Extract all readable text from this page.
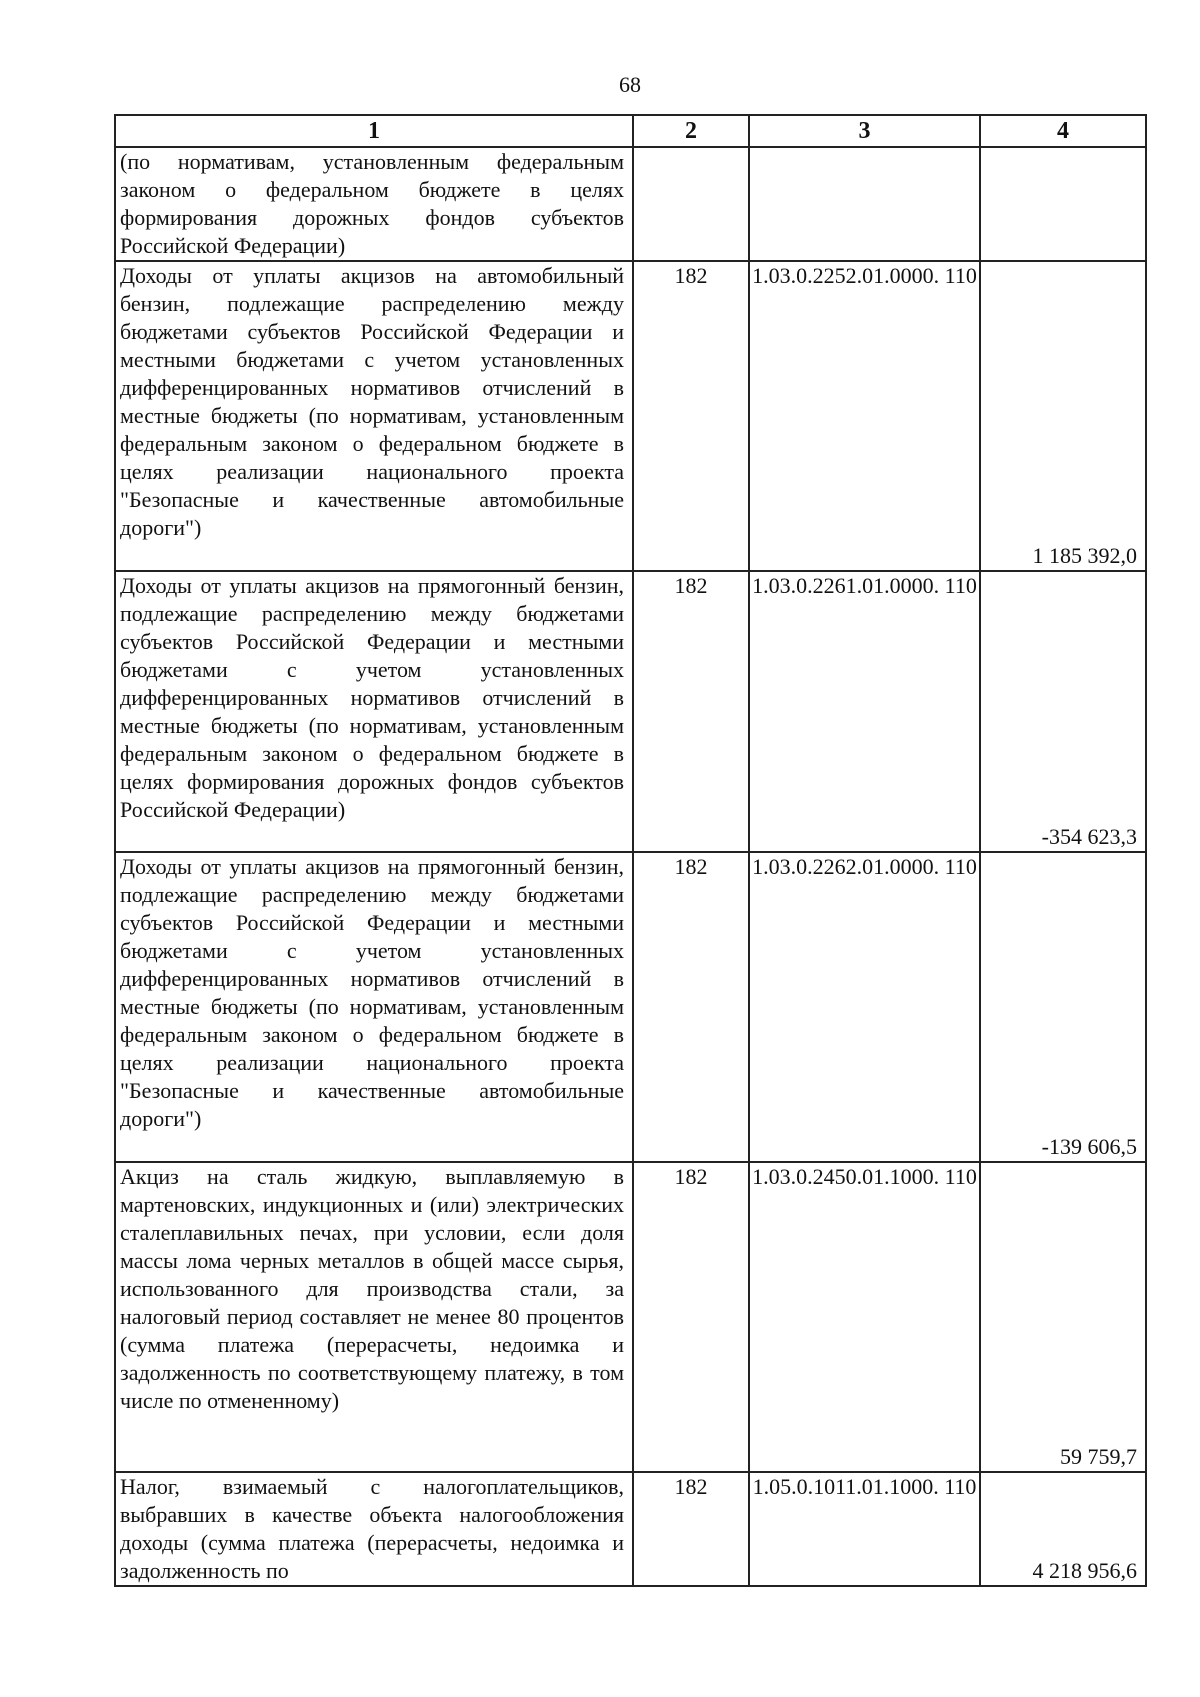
68
1	2	3	4
(по нормативам, установленным федеральным законом о федеральном бюджете в целях формирования дорожных фондов субъектов Российской Федерации)			
Доходы от уплаты акцизов на автомобильный бензин, подлежащие распределению между бюджетами субъектов Российской Федерации и местными бюджетами с учетом установленных дифференцированных нормативов отчислений в местные бюджеты (по нормативам, установленным федеральным законом о федеральном бюджете в целях реализации национального проекта "Безопасные и качественные автомобильные дороги")	182	1.03.0.2252.01.0000. 110	1 185 392,0
Доходы от уплаты акцизов на прямогонный бензин, подлежащие распределению между бюджетами субъектов Российской Федерации и местными бюджетами с учетом установленных дифференцированных нормативов отчислений в местные бюджеты (по нормативам, установленным федеральным законом о федеральном бюджете в целях формирования дорожных фондов субъектов Российской Федерации)	182	1.03.0.2261.01.0000. 110	-354 623,3
Доходы от уплаты акцизов на прямогонный бензин, подлежащие распределению между бюджетами субъектов Российской Федерации и местными бюджетами с учетом установленных дифференцированных нормативов отчислений в местные бюджеты (по нормативам, установленным федеральным законом о федеральном бюджете в целях реализации национального проекта "Безопасные и качественные автомобильные дороги")	182	1.03.0.2262.01.0000. 110	-139 606,5
Акциз на сталь жидкую, выплавляемую в мартеновских, индукционных и (или) электрических сталеплавильных печах, при условии, если доля массы лома черных металлов в общей массе сырья, использованного для производства стали, за налоговый период составляет не менее 80 процентов (сумма платежа (перерасчеты, недоимка и задолженность по соответствующему платежу, в том числе по отмененному)	182	1.03.0.2450.01.1000. 110	59 759,7
Налог, взимаемый с налогоплательщиков, выбравших в качестве объекта налогообложения доходы (сумма платежа (перерасчеты, недоимка и задолженность по	182	1.05.0.1011.01.1000. 110	4 218 956,6
